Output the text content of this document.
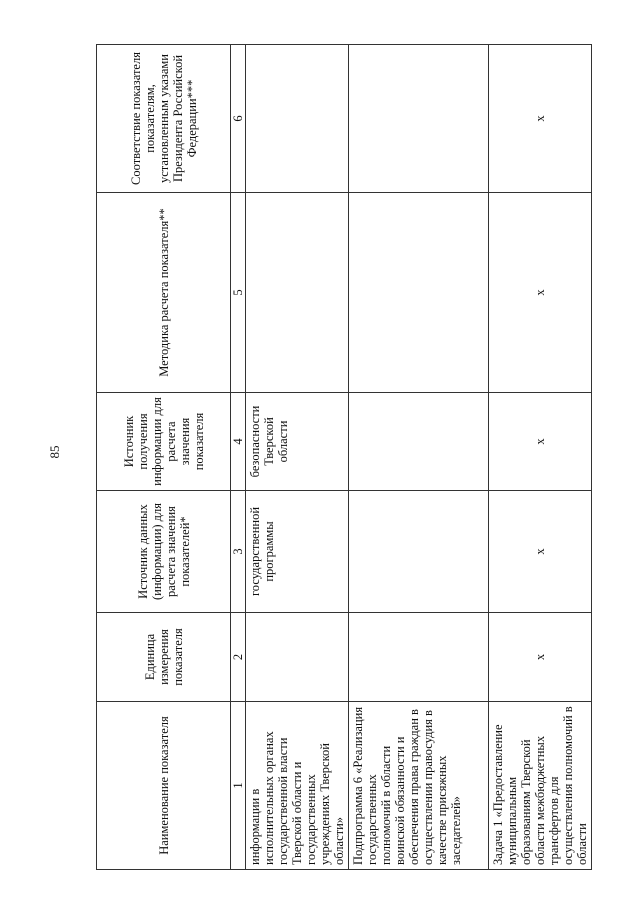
85
Наименование показателя	Единица измерения показателя	Источник данных (информации) для расчета значения показателей*	Источник получения информации для расчета значения показателя	Методика расчета показателя**	Соответствие показателя показателям, установленным указами Президента Российской Федерации***
1	2	3	4	5	6
информации в исполнительных органах государственной власти Тверской области и государственных учреждениях Тверской области»		государственной программы	безопасности Тверской области		
Подпрограмма 6 «Реализация государственных полномочий в области воинской обязанности и обеспечения права граждан в осуществлении правосудия в качестве присяжных заседателей»					
Задача 1 «Предоставление муниципальным образованиям Тверской области межбюджетных трансфертов для осуществления полномочий в области	х	х	х	х	х
